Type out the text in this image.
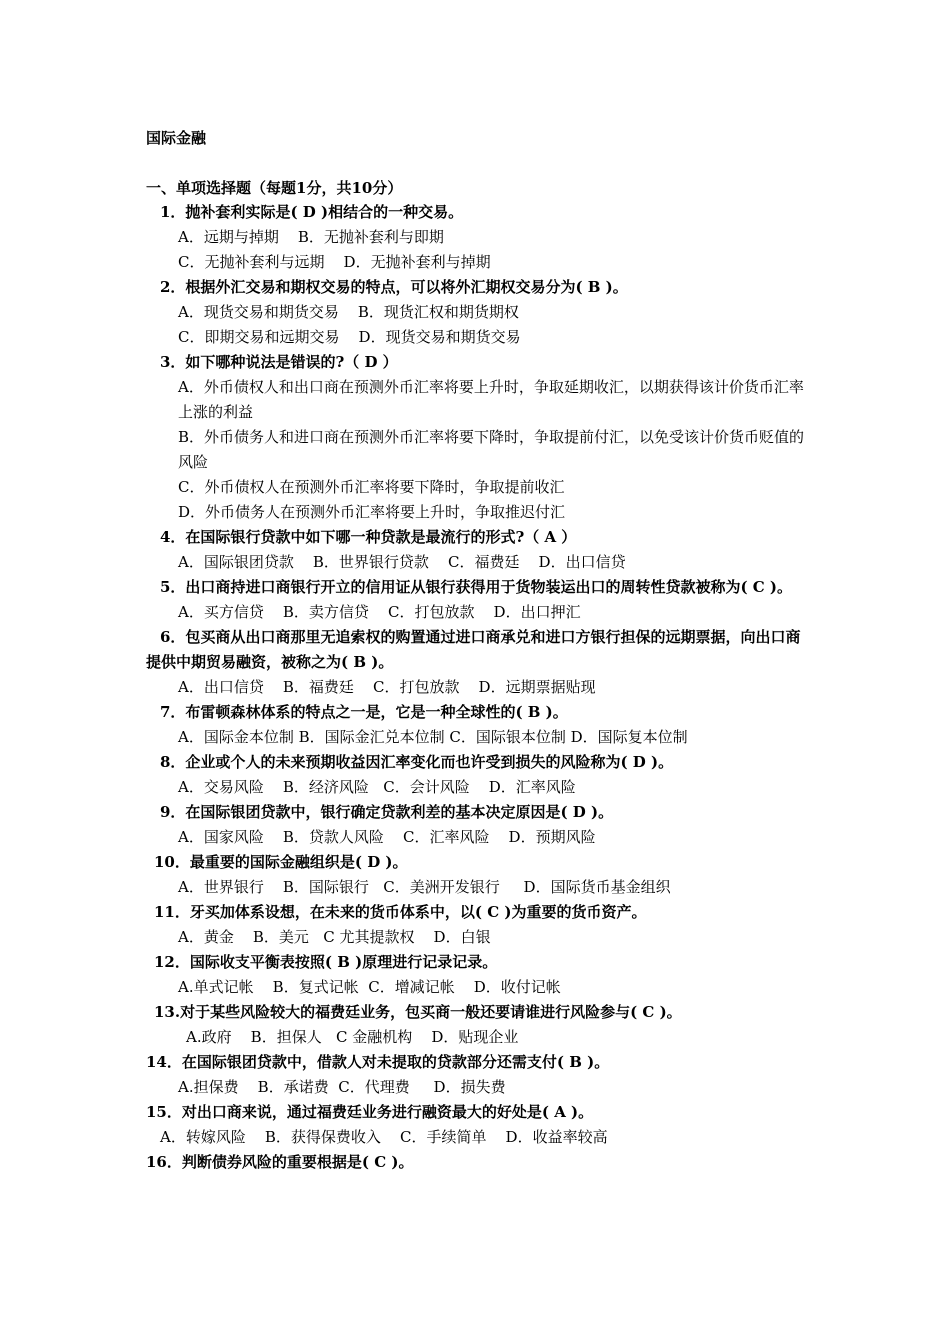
国际金融
一、单项选择题（每题1分，共10分）

1．抛补套利实际是( D )相结合的一种交易。

A．远期与掉期    B．无抛补套利与即期

C．无抛补套利与远期    D．无抛补套利与掉期

2．根据外汇交易和期权交易的特点，可以将外汇期权交易分为( B )。

A．现货交易和期货交易    B．现货汇权和期货期权

C．即期交易和远期交易    D．现货交易和期货交易

3．如下哪种说法是错误的?（ D ）

A．外币债权人和出口商在预测外币汇率将要上升时，争取延期收汇，以期获得该计价货币汇率上涨的利益

B．外币债务人和进口商在预测外币汇率将要下降时，争取提前付汇，以免受该计价货币贬值的风险

C．外币债权人在预测外币汇率将要下降时，争取提前收汇

D．外币债务人在预测外币汇率将要上升时，争取推迟付汇

4．在国际银行贷款中如下哪一种贷款是最流行的形式?（ A ）

A．国际银团贷款    B．世界银行贷款    C．福费廷    D．出口信贷

5．出口商持进口商银行开立的信用证从银行获得用于货物装运出口的周转性贷款被称为( C )。

A．买方信贷    B．卖方信贷    C．打包放款    D．出口押汇

6．包买商从出口商那里无追索权的购置通过进口商承兑和进口方银行担保的远期票据，向出口商提供中期贸易融资，被称之为( B )。

A．出口信贷    B．福费廷    C．打包放款    D．远期票据贴现

7．布雷顿森林体系的特点之一是，它是一种全球性的( B )。

A．国际金本位制 B．国际金汇兑本位制 C．国际银本位制 D．国际复本位制

8．企业或个人的未来预期收益因汇率变化而也许受到损失的风险称为( D )。

A．交易风险    B．经济风险   C．会计风险    D．汇率风险

9．在国际银团贷款中，银行确定贷款利差的基本决定原因是( D )。

A．国家风险    B．贷款人风险    C．汇率风险    D．预期风险

10．最重要的国际金融组织是( D )。

A．世界银行    B．国际银行   C．美洲开发银行     D．国际货币基金组织

11．牙买加体系设想，在未来的货币体系中，以( C )为重要的货币资产。

A．黄金    B．美元   C 尤其提款权    D．白银

12．国际收支平衡表按照( B )原理进行记录记录。

A.单式记帐    B．复式记帐  C．增减记帐    D．收付记帐

13.对于某些风险较大的福费廷业务，包买商一般还要请谁进行风险参与( C )。

A.政府    B．担保人   C 金融机构    D．贴现企业

14．在国际银团贷款中，借款人对未提取的贷款部分还需支付( B )。

A.担保费    B．承诺费  C．代理费     D．损失费

15．对出口商来说，通过福费廷业务进行融资最大的好处是( A )。

A．转嫁风险    B．获得保费收入    C．手续简单    D．收益率较高

16．判断债券风险的重要根据是( C )。
